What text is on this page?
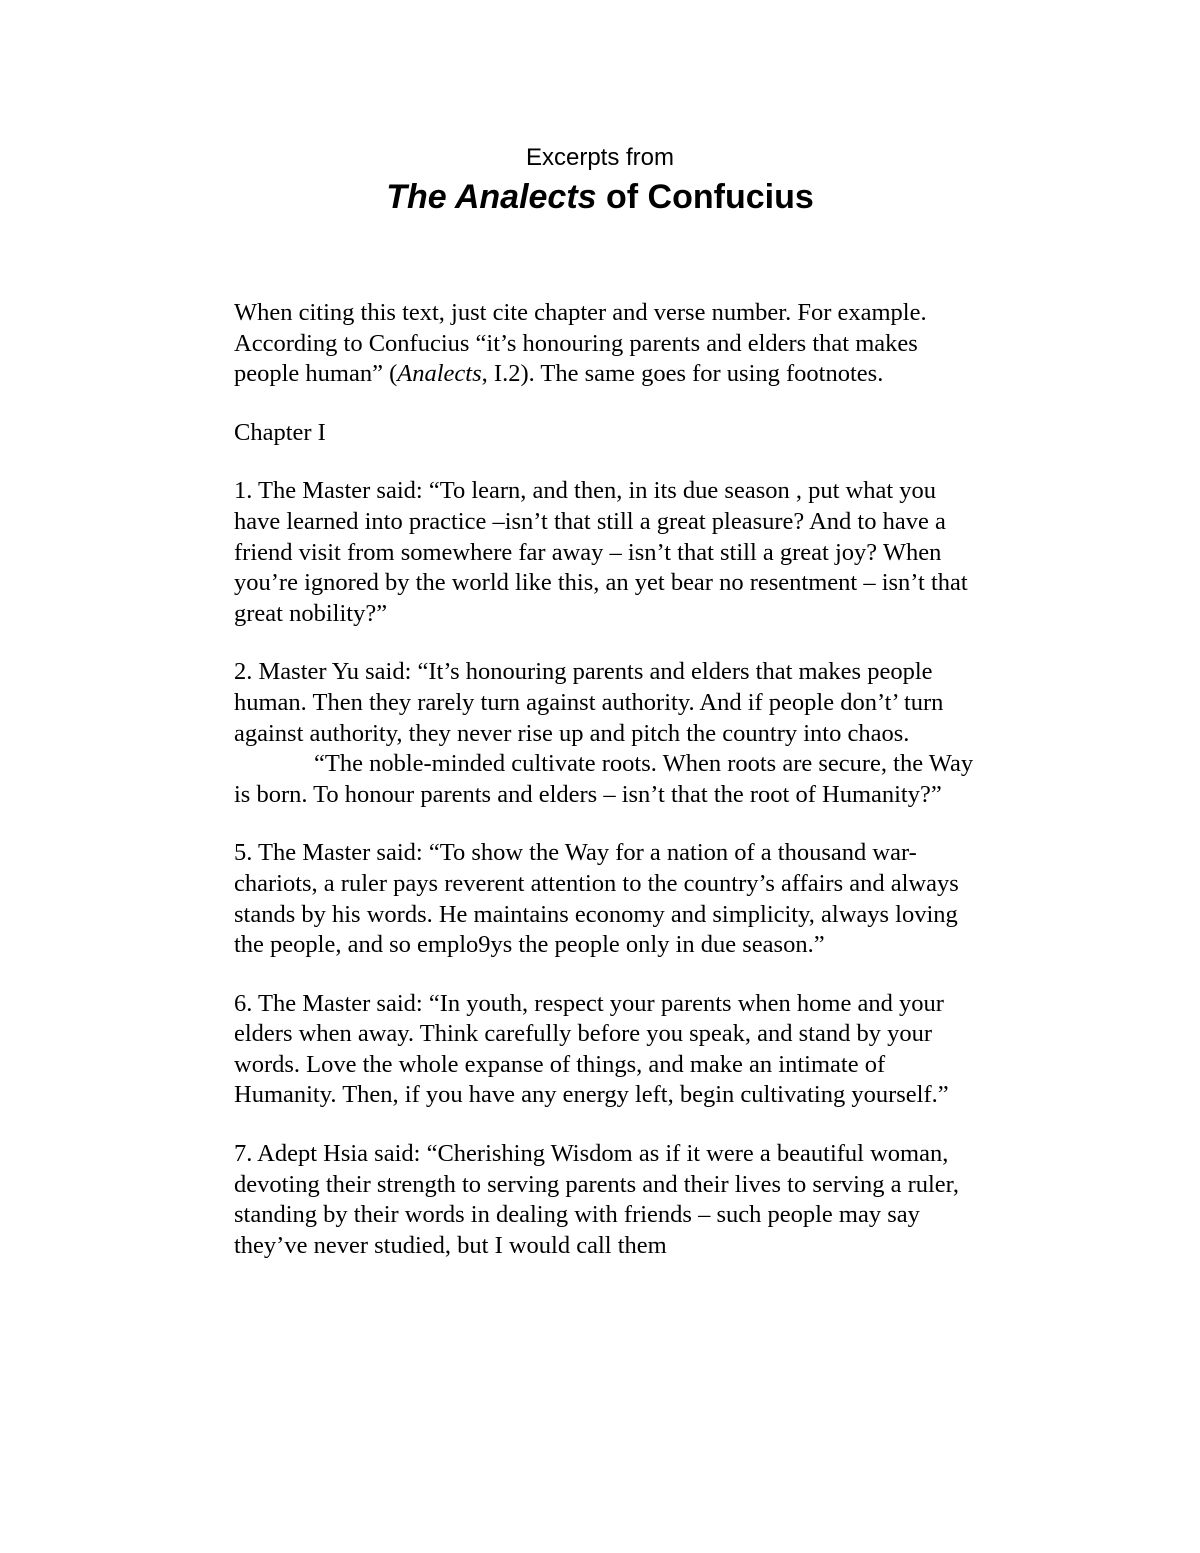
Excerpts from
The Analects of Confucius

When citing this text, just cite chapter and verse number. For example. According to Confucius “it’s honouring parents and elders that makes people human” (Analects, I.2). The same goes for using footnotes.

Chapter I

1. The Master said: “To learn, and then, in its due season , put what you have learned into practice –isn’t that still a great pleasure? And to have a friend visit from somewhere far away – isn’t that still a great joy? When you’re ignored by the world like this, an yet bear no resentment – isn’t that great nobility?”

2. Master Yu said: “It’s honouring parents and elders that makes people human. Then they rarely turn against authority. And if people don’t’ turn against authority, they never rise up and pitch the country into chaos.

“The noble-minded cultivate roots. When roots are secure, the Way is born. To honour parents and elders – isn’t that the root of Humanity?”

5. The Master said: “To show the Way for a nation of a thousand war-chariots, a ruler pays reverent attention to the country’s affairs and always stands by his words. He maintains economy and simplicity, always loving the people, and so emplo9ys the people only in due season.”

6. The Master said: “In youth, respect your parents when home and your elders when away. Think carefully before you speak, and stand by your words. Love the whole expanse of things, and make an intimate of Humanity. Then, if you have any energy left, begin cultivating yourself.”

7. Adept Hsia said: “Cherishing Wisdom as if it were a beautiful woman, devoting their strength to serving parents and their lives to serving a ruler, standing by their words in dealing with friends – such people may say they’ve never studied, but I would call them
